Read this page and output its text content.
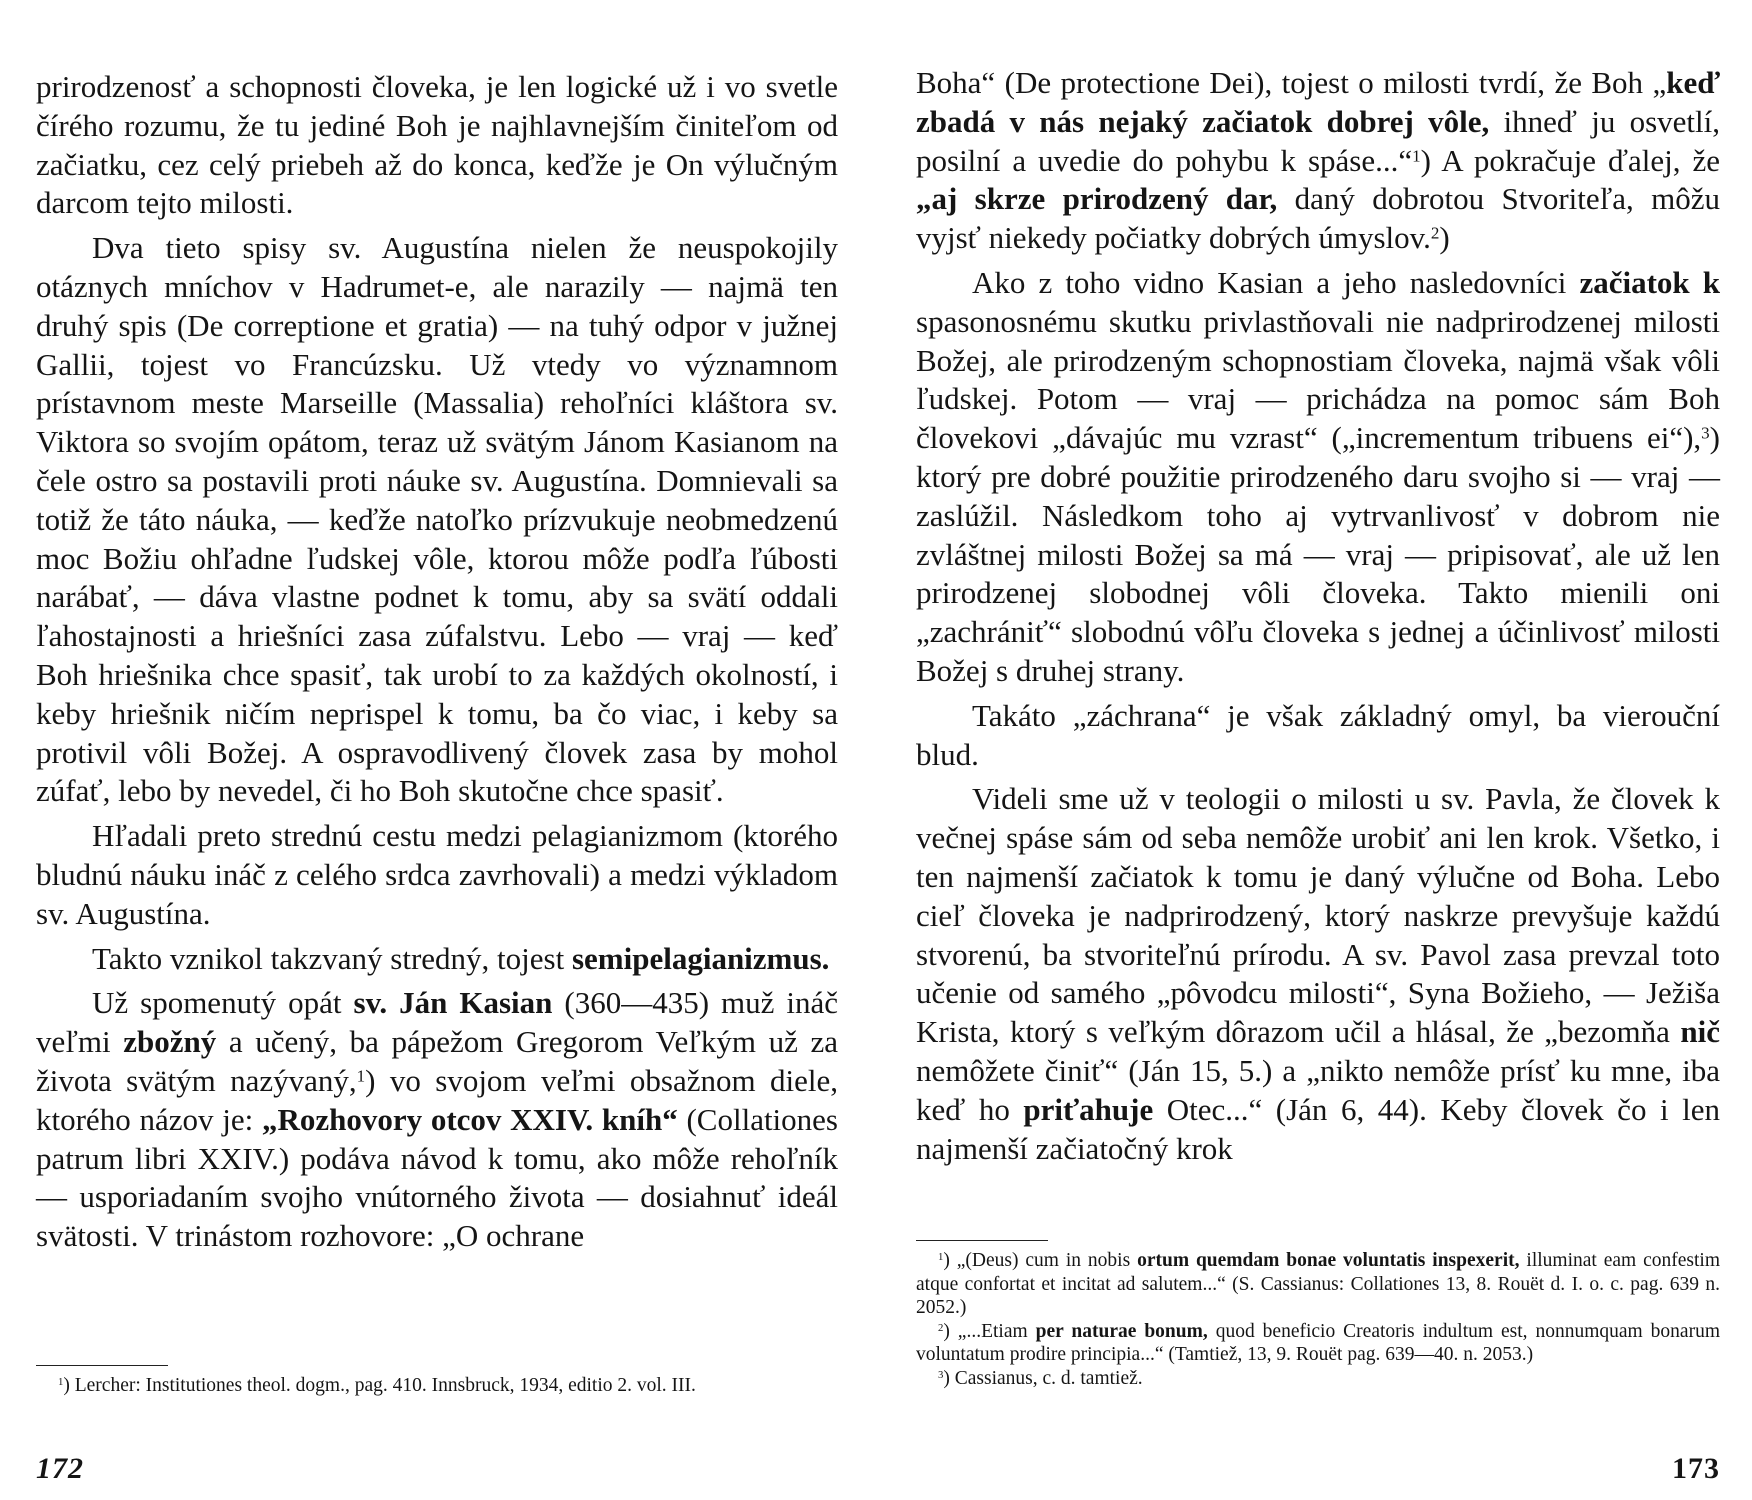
prirodzenosť a schopnosti človeka, je len logické už i vo svetle čírého rozumu, že tu jediné Boh je najhlavnejším činiteľom od začiatku, cez celý priebeh až do konca, keďže je On výlučným darcom tejto milosti.

Dva tieto spisy sv. Augustína nielen že neuspokojily otáznych mníchov v Hadrumet-e, ale narazily — najmä ten druhý spis (De correptione et gratia) — na tuhý odpor v južnej Gallii, tojest vo Francúzsku. Už vtedy vo významnom prístavnom meste Marseille (Massalia) rehoľníci kláštora sv. Viktora so svojím opátom, teraz už svätým Jánom Kasianom na čele ostro sa postavili proti náuke sv. Augustína. Domnievali sa totiž že táto náuka, — keďže natoľko prízvukuje neobmedzenú moc Božiu ohľadne ľudskej vôle, ktorou môže podľa ľúbosti narábať, — dáva vlastne podnet k tomu, aby sa svätí oddali ľahostajnosti a hriešníci zasa zúfalstvu. Lebo — vraj — keď Boh hriešnika chce spasiť, tak urobí to za každých okolností, i keby hriešnik ničím neprispel k tomu, ba čo viac, i keby sa protivil vôli Božej. A ospravodlivený človek zasa by mohol zúfať, lebo by nevedel, či ho Boh skutočne chce spasiť.

Hľadali preto strednú cestu medzi pelagianizmom (ktorého bludnú náuku ináč z celého srdca zavrhovali) a medzi výkladom sv. Augustína.

Takto vznikol takzvaný stredný, tojest semipelagianizmus.

Už spomenutý opát sv. Ján Kasian (360—435) muž ináč veľmi zbožný a učený, ba pápežom Gregorom Veľkým už za života svätým nazývaný,$^1$) vo svojom veľmi obsažnom diele, ktorého názov je: „Rozhovory otcov XXIV. kníh“ (Collationes patrum libri XXIV.) podáva návod k tomu, ako môže rehoľník — usporiadaním svojho vnútorného života — dosiahnuť ideál svätosti. V trinástom rozhovore: „O ochrane

$^1$) Lercher: Institutiones theol. dogm., pag. 410. Innsbruck, 1934, editio 2. vol. III.

172

Boha“ (De protectione Dei), tojest o milosti tvrdí, že Boh „keď zbadá v nás nejaký začiatok dobrej vôle, ihneď ju osvetlí, posilní a uvedie do pohybu k spáse...“$^1$) A pokračuje ďalej, že „aj skrze prirodzený dar, daný dobrotou Stvoriteľa, môžu vyjsť niekedy počiatky dobrých úmyslov.$^2$)

Ako z toho vidno Kasian a jeho nasledovníci začiatok k spasonosnému skutku privlastňovali nie nadprirodzenej milosti Božej, ale prirodzeným schopnostiam človeka, najmä však vôli ľudskej. Potom — vraj — prichádza na pomoc sám Boh človekovi „dávajúc mu vzrast“ („incrementum tribuens ei“),$^3$) ktorý pre dobré použitie prirodzeného daru svojho si — vraj — zaslúžil. Následkom toho aj vytrvanlivosť v dobrom nie zvláštnej milosti Božej sa má — vraj — pripisovať, ale už len prirodzenej slobodnej vôli človeka. Takto mienili oni „zachrániť“ slobodnú vôľu človeka s jednej a účinlivosť milosti Božej s druhej strany.

Takáto „záchrana“ je však základný omyl, ba vierouční blud.

Videli sme už v teologii o milosti u sv. Pavla, že človek k večnej spáse sám od seba nemôže urobiť ani len krok. Všetko, i ten najmenší začiatok k tomu je daný výlučne od Boha. Lebo cieľ človeka je nadprirodzený, ktorý naskrze prevyšuje každú stvorenú, ba stvoriteľnú prírodu. A sv. Pavol zasa prevzal toto učenie od samého „pôvodcu milosti“, Syna Božieho, — Ježiša Krista, ktorý s veľkým dôrazom učil a hlásal, že „bezomňa nič nemôžete činiť“ (Ján 15, 5.) a „nikto nemôže prísť ku mne, iba keď ho priťahuje Otec...“ (Ján 6, 44). Keby človek čo i len najmenší začiatočný krok

$^1$) „(Deus) cum in nobis ortum quemdam bonae voluntatis inspexerit, illuminat eam confestim atque confortat et incitat ad salutem...“ (S. Cassianus: Collationes 13, 8. Rouët d. I. o. c. pag. 639 n. 2052.)

$^2$) „...Etiam per naturae bonum, quod beneficio Creatoris indultum est, nonnumquam bonarum voluntatum prodire principia...“ (Tamtiež, 13, 9. Rouët pag. 639—40. n. 2053.)

$^3$) Cassianus, c. d. tamtiež.

173
